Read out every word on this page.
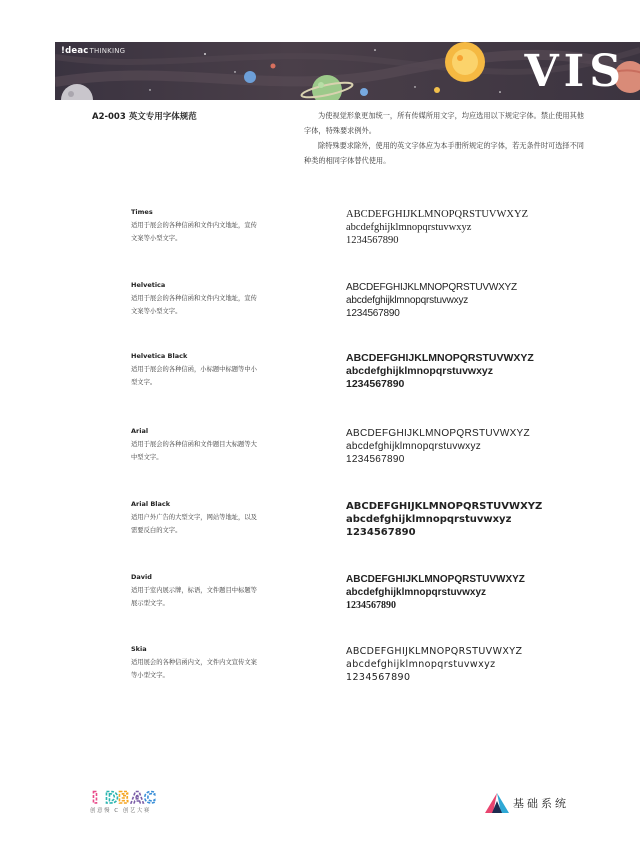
!deacTHINKING	VIS
A2-003 英文专用字体规范	为使视觉形象更加统一，所有传媒所用文字，均应选用以下规定字体。禁止使用其他字体，特殊要求例外。

除特殊要求除外，使用的英文字体应为本手册所规定的字体，若无条件时可选择不同种类的相同字体替代使用。

Times
适用于展会的各种信函和文件内文地址，宣传文案等小型文字。
ABCDEFGHIJKLMNOPQRSTUVWXYZ
abcdefghijklmnopqrstuvwxyz
1234567890
Helvetica
适用于展会的各种信函和文件内文地址，宣传文案等小型文字。
ABCDEFGHIJKLMNOPQRSTUVWXYZ
abcdefghijklmnopqrstuvwxyz
1234567890
Helvetica Black
适用于展会的各种信函，小标题中标题等中小型文字。
ABCDEFGHIJKLMNOPQRSTUVWXYZ
abcdefghijklmnopqrstuvwxyz
1234567890
Arial
适用于展会的各种信函和文件题目大标题等大中型文字。
ABCDEFGHIJKLMNOPQRSTUVWXYZ
abcdefghijklmnopqrstuvwxyz
1234567890
Arial Black
适用户外广告的大型文字，网站等地址，以及需要反白的文字。
ABCDEFGHIJKLMNOPQRSTUVWXYZ
abcdefghijklmnopqrstuvwxyz
1234567890
David
适用于室内展示牌，标语，文件题目中标题等展示型文字。
ABCDEFGHIJKLMNOPQRSTUVWXYZ
abcdefghijklmnopqrstuvwxyz
1234567890
Skia
适用展会的各种信函内文，文件内文宣传文案等小型文字。
ABCDEFGHIJKLMNOPQRSTUVWXYZ
abcdefghijklmnopqrstuvwxyz
1234567890
I D E A C
创意慢 C 创艺大赛
基础系统
